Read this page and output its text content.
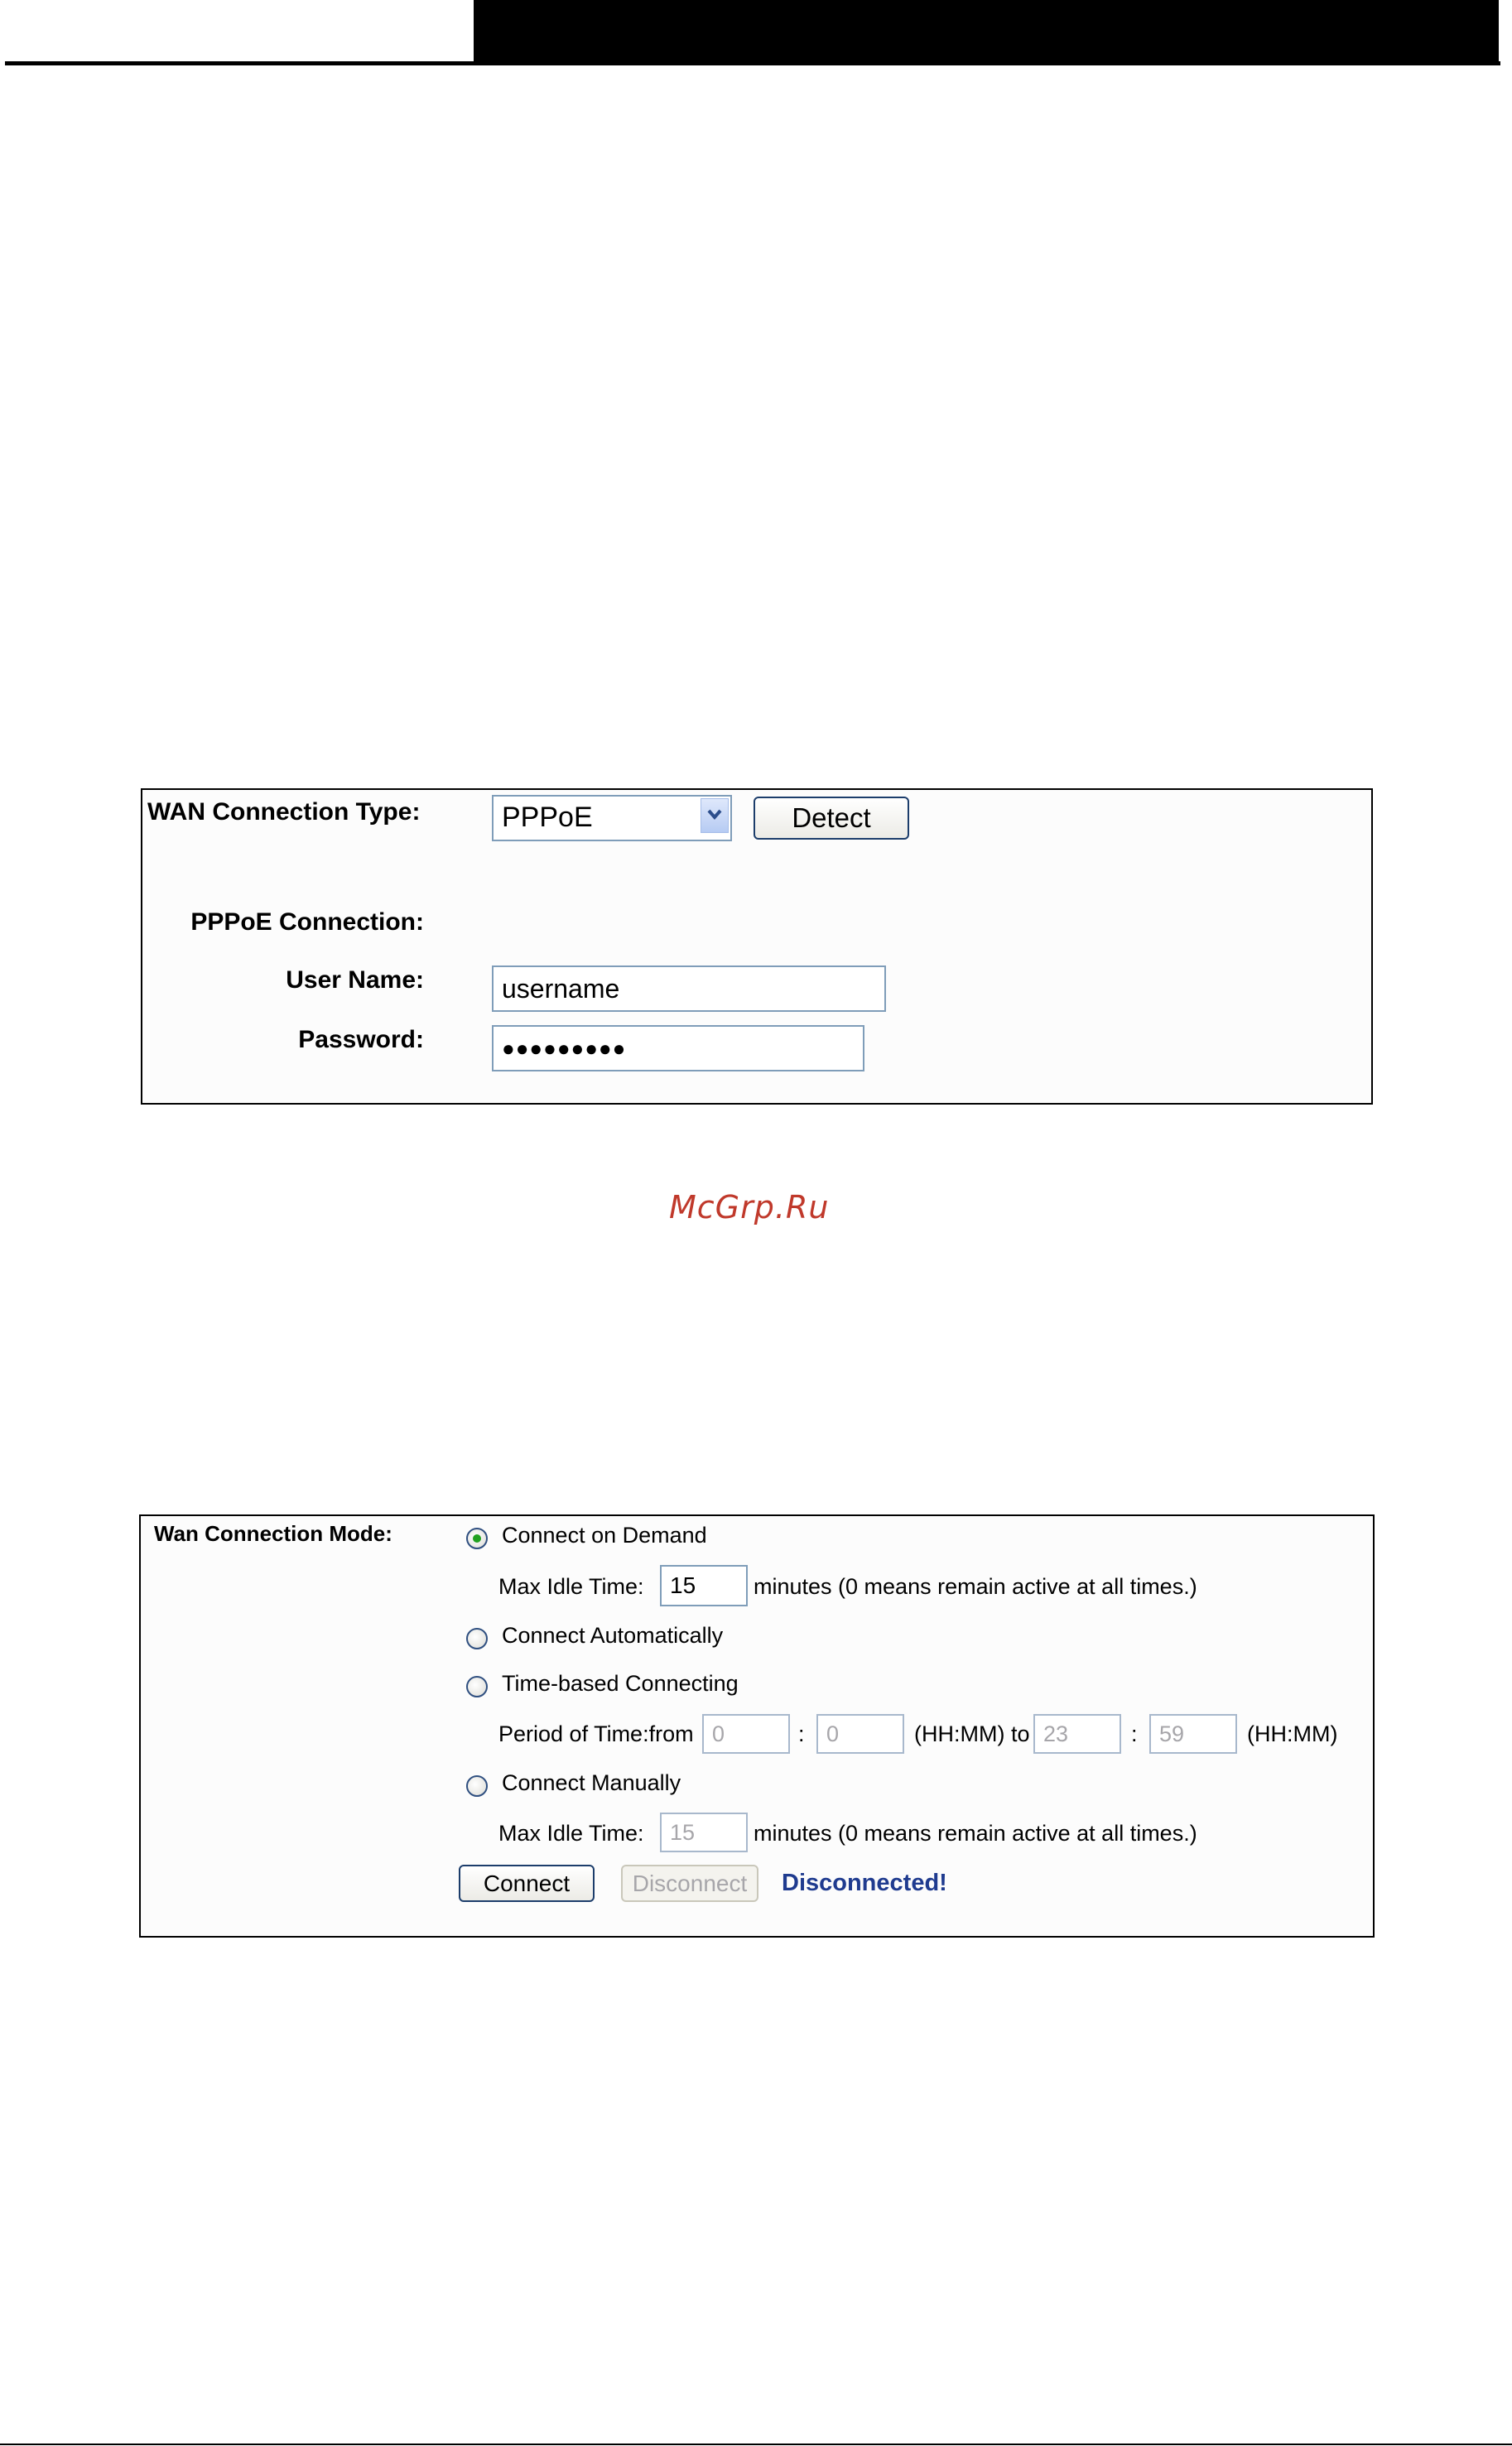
WAN Connection Type:	PPPoE	Detect
PPPoE Connection:
User Name:	username
Password:	●●●●●●●●●
McGrp.Ru
Wan Connection Mode:	Connect on Demand
Max Idle Time:	15	minutes (0 means remain active at all times.)
Connect Automatically
Time-based Connecting
Period of Time:from 0	: 0	(HH:MM) to 23	: 59	(HH:MM)
Connect Manually
Max Idle Time:	15	minutes (0 means remain active at all times.)
Connect	Disconnect	Disconnected!
